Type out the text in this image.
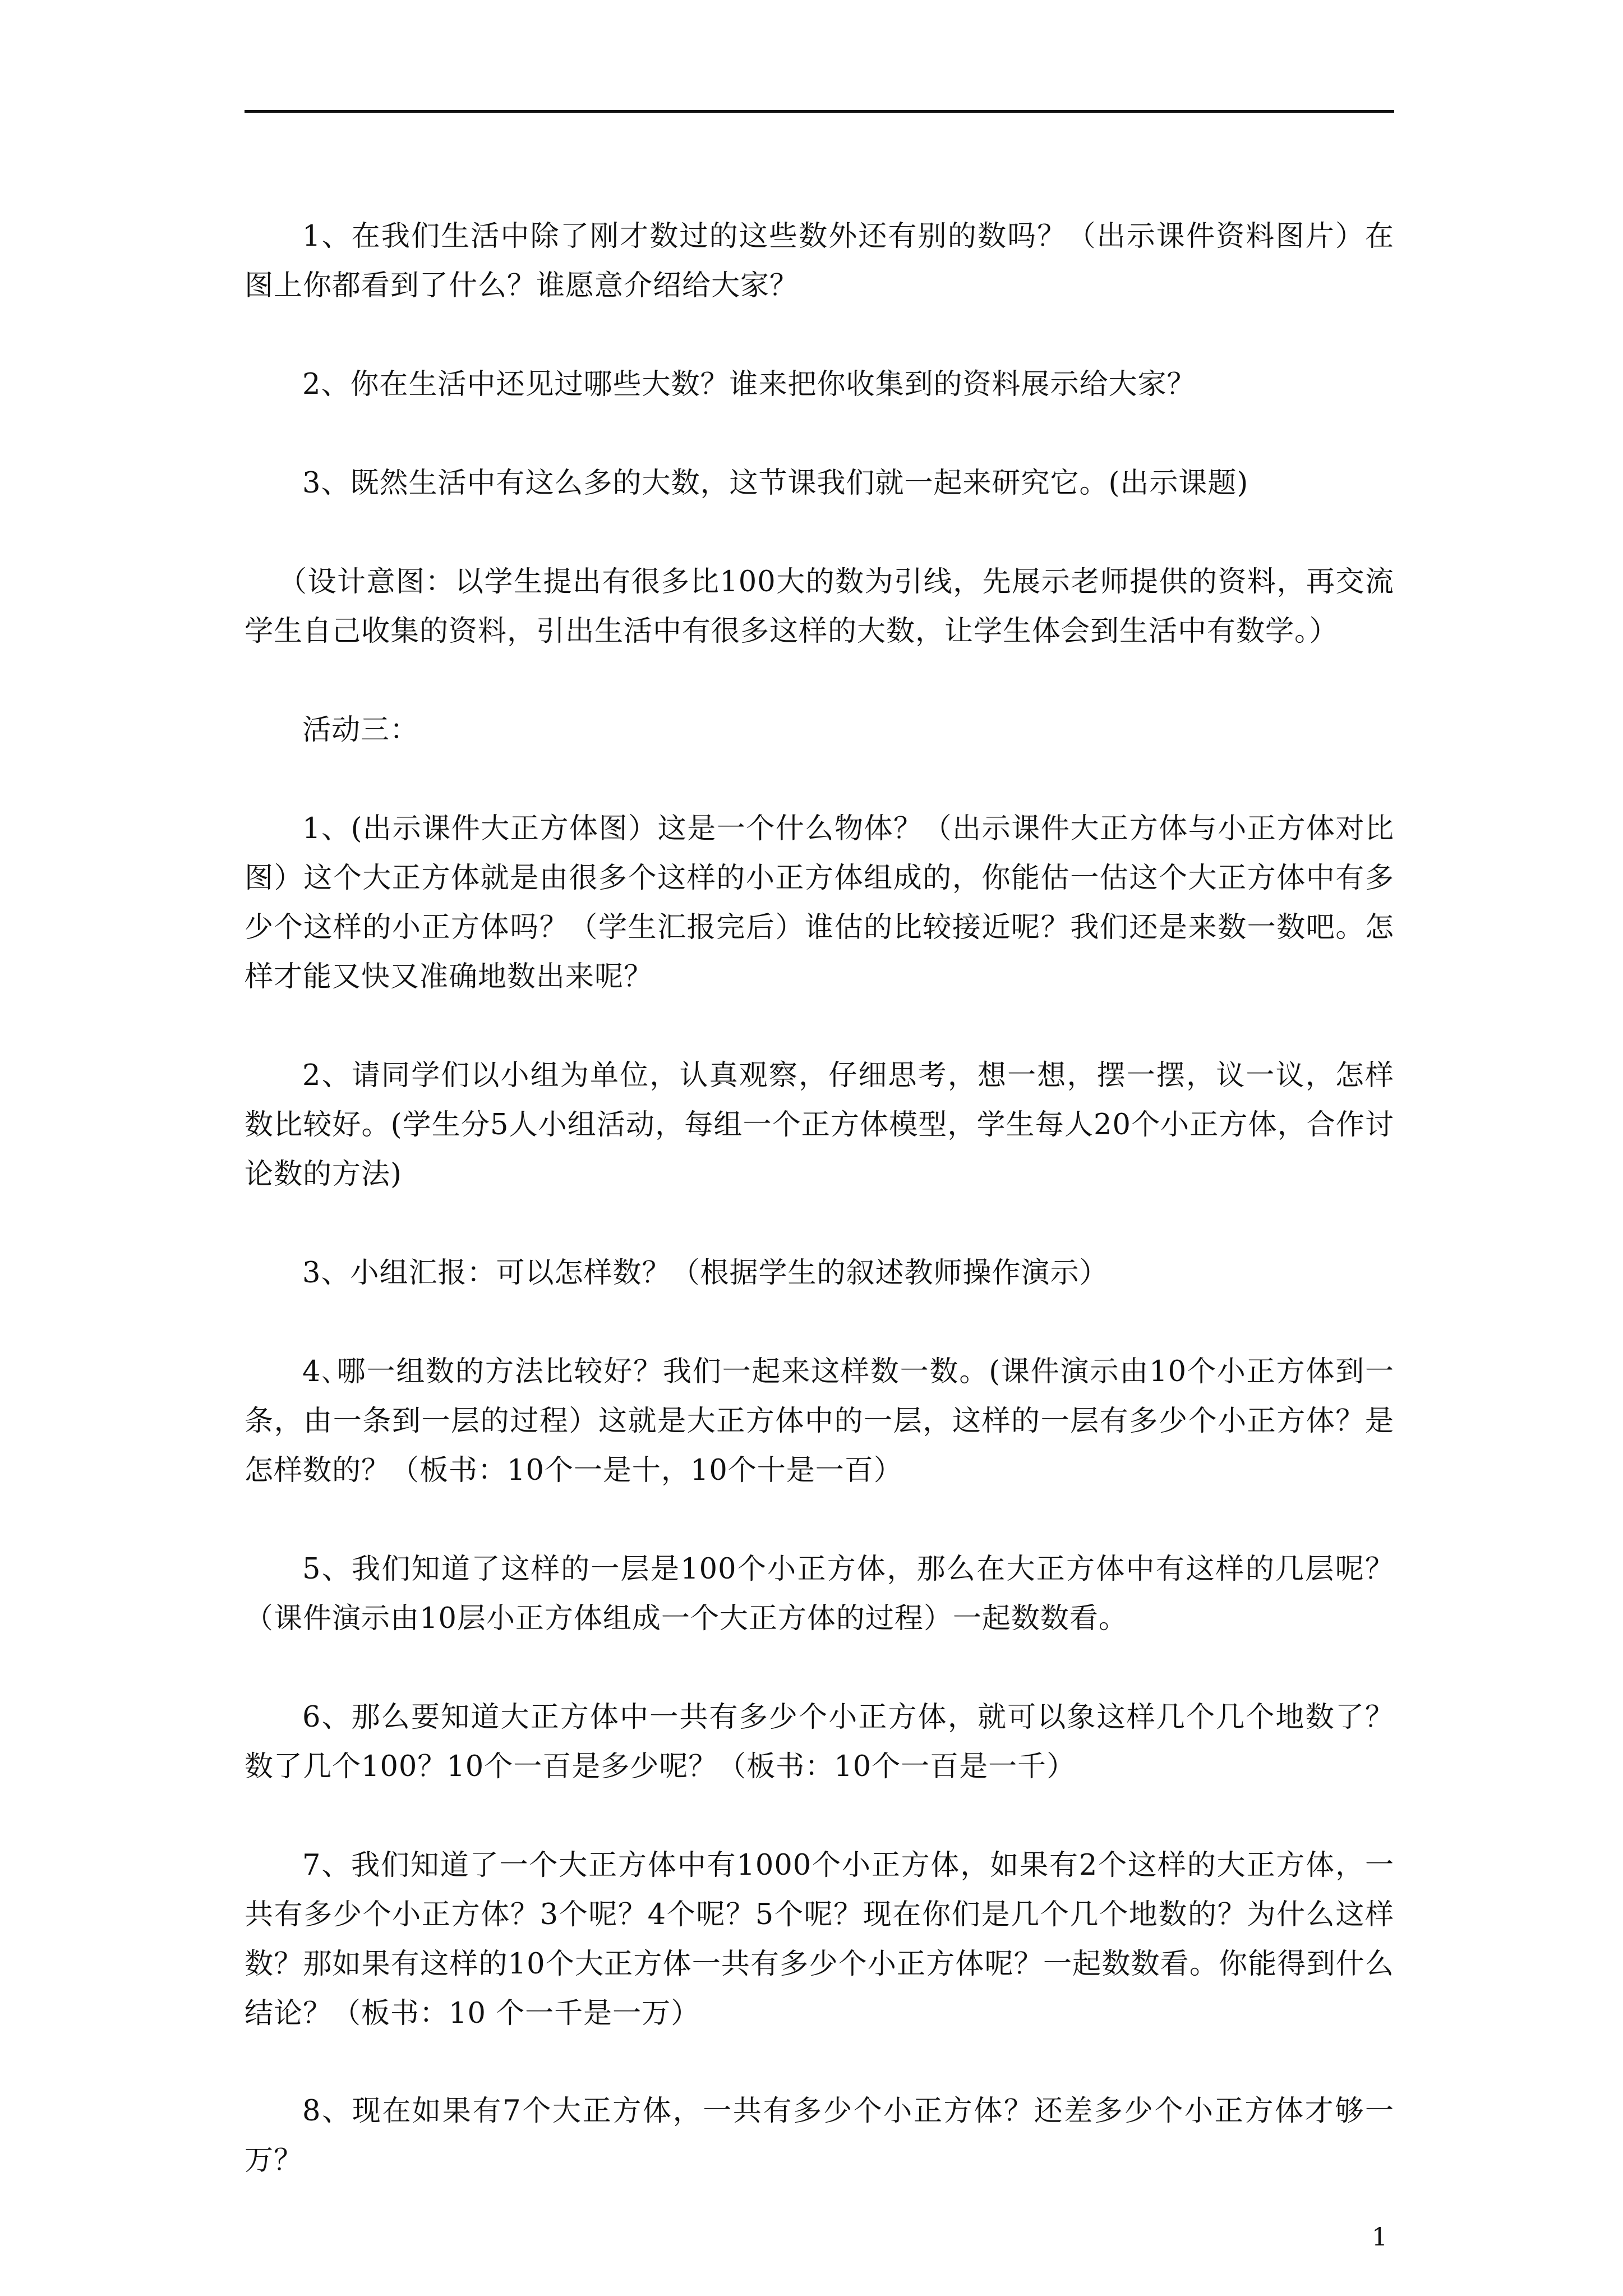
1、在我们生活中除了刚才数过的这些数外还有别的数吗？（出示课件资料图片）在图上你都看到了什么？谁愿意介绍给大家？

2、你在生活中还见过哪些大数？谁来把你收集到的资料展示给大家？

3、既然生活中有这么多的大数，这节课我们就一起来研究它。(出示课题)

（设计意图：以学生提出有很多比100大的数为引线，先展示老师提供的资料，再交流学生自己收集的资料，引出生活中有很多这样的大数，让学生体会到生活中有数学。）

活动三：

1、(出示课件大正方体图）这是一个什么物体？（出示课件大正方体与小正方体对比图）这个大正方体就是由很多个这样的小正方体组成的，你能估一估这个大正方体中有多少个这样的小正方体吗？（学生汇报完后）谁估的比较接近呢？我们还是来数一数吧。怎样才能又快又准确地数出来呢？

2、请同学们以小组为单位，认真观察，仔细思考，想一想，摆一摆，议一议，怎样数比较好。(学生分5人小组活动，每组一个正方体模型，学生每人20个小正方体，合作讨论数的方法)

3、小组汇报：可以怎样数？（根据学生的叙述教师操作演示）

4､哪一组数的方法比较好？我们一起来这样数一数。(课件演示由10个小正方体到一条，由一条到一层的过程）这就是大正方体中的一层，这样的一层有多少个小正方体？是怎样数的？（板书：10个一是十，10个十是一百）

5、我们知道了这样的一层是100个小正方体，那么在大正方体中有这样的几层呢？（课件演示由10层小正方体组成一个大正方体的过程）一起数数看。

6、那么要知道大正方体中一共有多少个小正方体，就可以象这样几个几个地数了？数了几个100？10个一百是多少呢？（板书：10个一百是一千）

7、我们知道了一个大正方体中有1000个小正方体，如果有2个这样的大正方体，一共有多少个小正方体？3个呢？4个呢？5个呢？现在你们是几个几个地数的？为什么这样数？那如果有这样的10个大正方体一共有多少个小正方体呢？一起数数看。你能得到什么结论？（板书：10 个一千是一万）

8、现在如果有7个大正方体，一共有多少个小正方体？还差多少个小正方体才够一万？

1
